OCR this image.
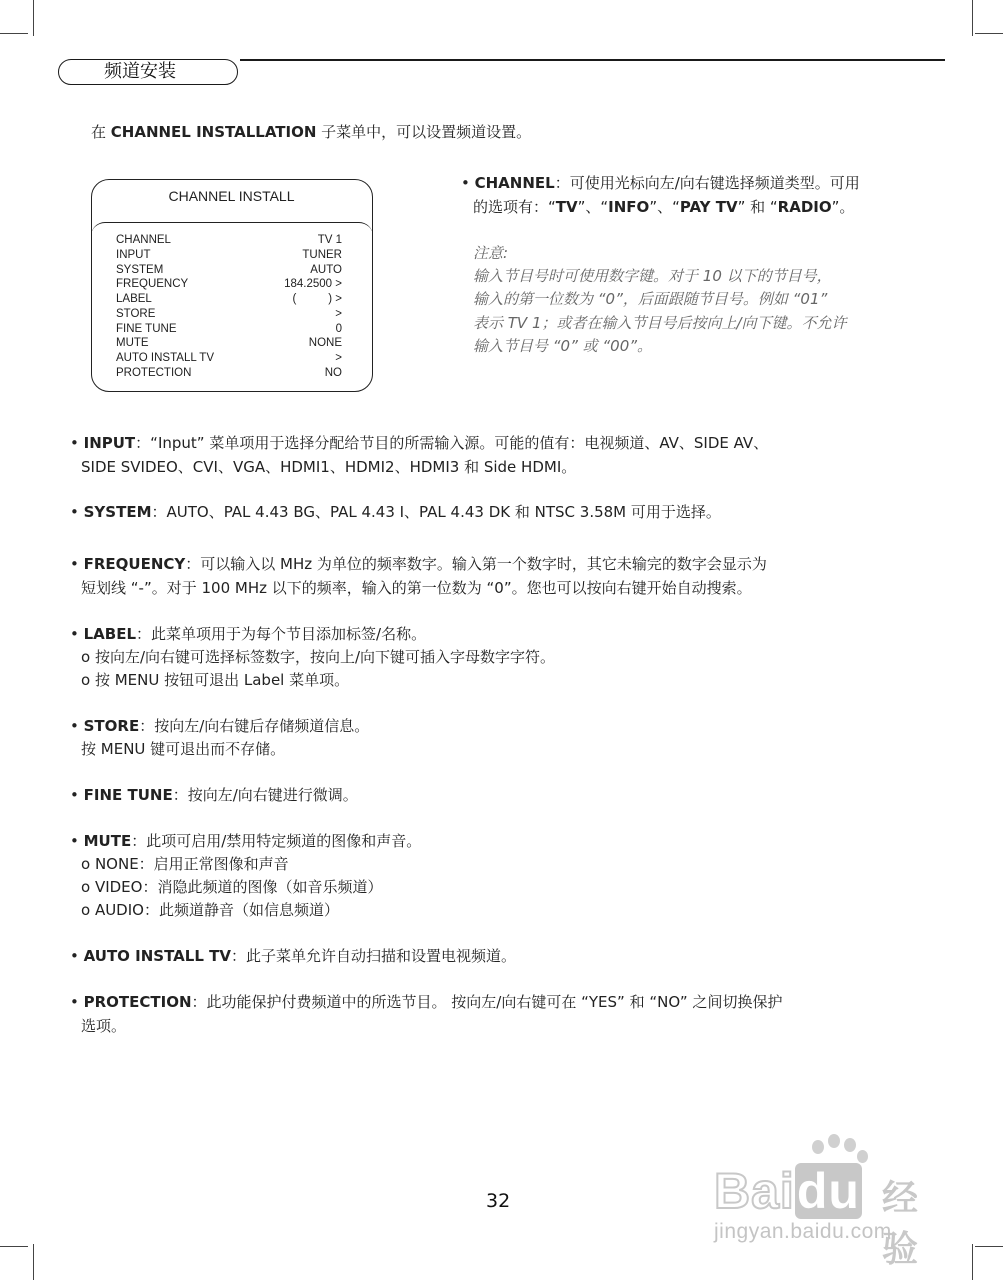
频道安装
在 CHANNEL INSTALLATION 子菜单中，可以设置频道设置。
CHANNEL INSTALL
CHANNEL	TV 1
INPUT	TUNER
SYSTEM	AUTO
FREQUENCY	184.2500 >
LABEL	(          ) >
STORE	>
FINE TUNE	0
MUTE	NONE
AUTO INSTALL TV	>
PROTECTION	NO
• CHANNEL：可使用光标向左/向右键选择频道类型。可用
的选项有：“TV”、“INFO”、“PAY TV” 和 “RADIO”。
注意:
输入节目号时可使用数字键。对于 10 以下的节目号，
输入的第一位数为 “0”，后面跟随节目号。例如 “01”
表示 TV 1；或者在输入节目号后按向上/向下键。不允许
输入节目号 “0” 或 “00”。
• INPUT：“Input” 菜单项用于选择分配给节目的所需输入源。可能的值有：电视频道、AV、SIDE AV、
SIDE SVIDEO、CVI、VGA、HDMI1、HDMI2、HDMI3 和 Side HDMI。
• SYSTEM：AUTO、PAL 4.43 BG、PAL 4.43 I、PAL 4.43 DK 和 NTSC 3.58M 可用于选择。
• FREQUENCY：可以输入以 MHz 为单位的频率数字。输入第一个数字时，其它未输完的数字会显示为
短划线 “-”。对于 100 MHz 以下的频率，输入的第一位数为 “0”。您也可以按向右键开始自动搜索。
• LABEL：此菜单项用于为每个节目添加标签/名称。
o 按向左/向右键可选择标签数字，按向上/向下键可插入字母数字字符。
o 按 MENU 按钮可退出 Label 菜单项。
• STORE：按向左/向右键后存储频道信息。
按 MENU 键可退出而不存储。
• FINE TUNE：按向左/向右键进行微调。
• MUTE：此项可启用/禁用特定频道的图像和声音。
o NONE：启用正常图像和声音
o VIDEO：消隐此频道的图像（如音乐频道）
o AUDIO：此频道静音（如信息频道）
• AUTO INSTALL TV：此子菜单允许自动扫描和设置电视频道。
• PROTECTION：此功能保护付费频道中的所选节目。 按向左/向右键可在 “YES” 和 “NO” 之间切换保护
选项。
32	Baidu 经验
jingyan.baidu.com
